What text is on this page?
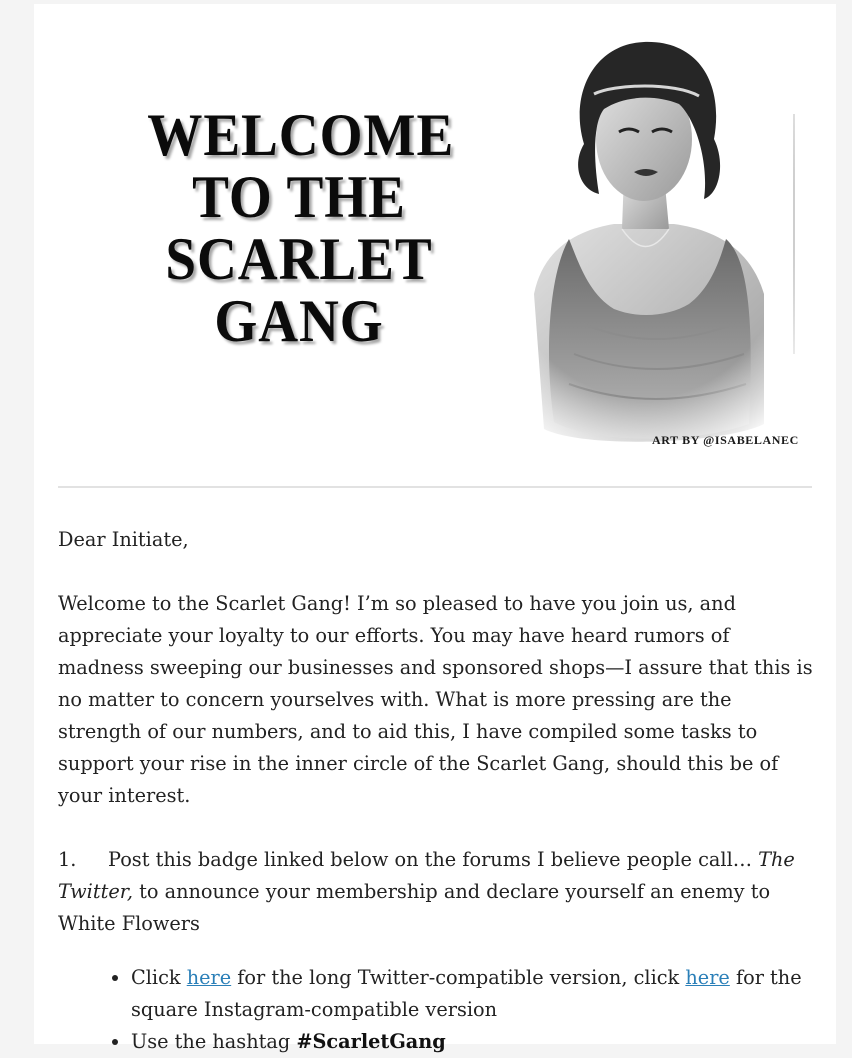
WELCOME
TO THE
SCARLET
GANG
ART BY @ISABELANEC

Dear Initiate,

Welcome to the Scarlet Gang! I’m so pleased to have you join us, and appreciate your loyalty to our efforts. You may have heard rumors of madness sweeping our businesses and sponsored shops—I assure that this is no matter to concern yourselves with. What is more pressing are the strength of our numbers, and to aid this, I have compiled some tasks to support your rise in the inner circle of the Scarlet Gang, should this be of your interest.

1. Post this badge linked below on the forums I believe people call… The Twitter, to announce your membership and declare yourself an enemy to White Flowers

• Click here for the long Twitter-compatible version, click here for the square Instagram-compatible version
• Use the hashtag #ScarletGang
